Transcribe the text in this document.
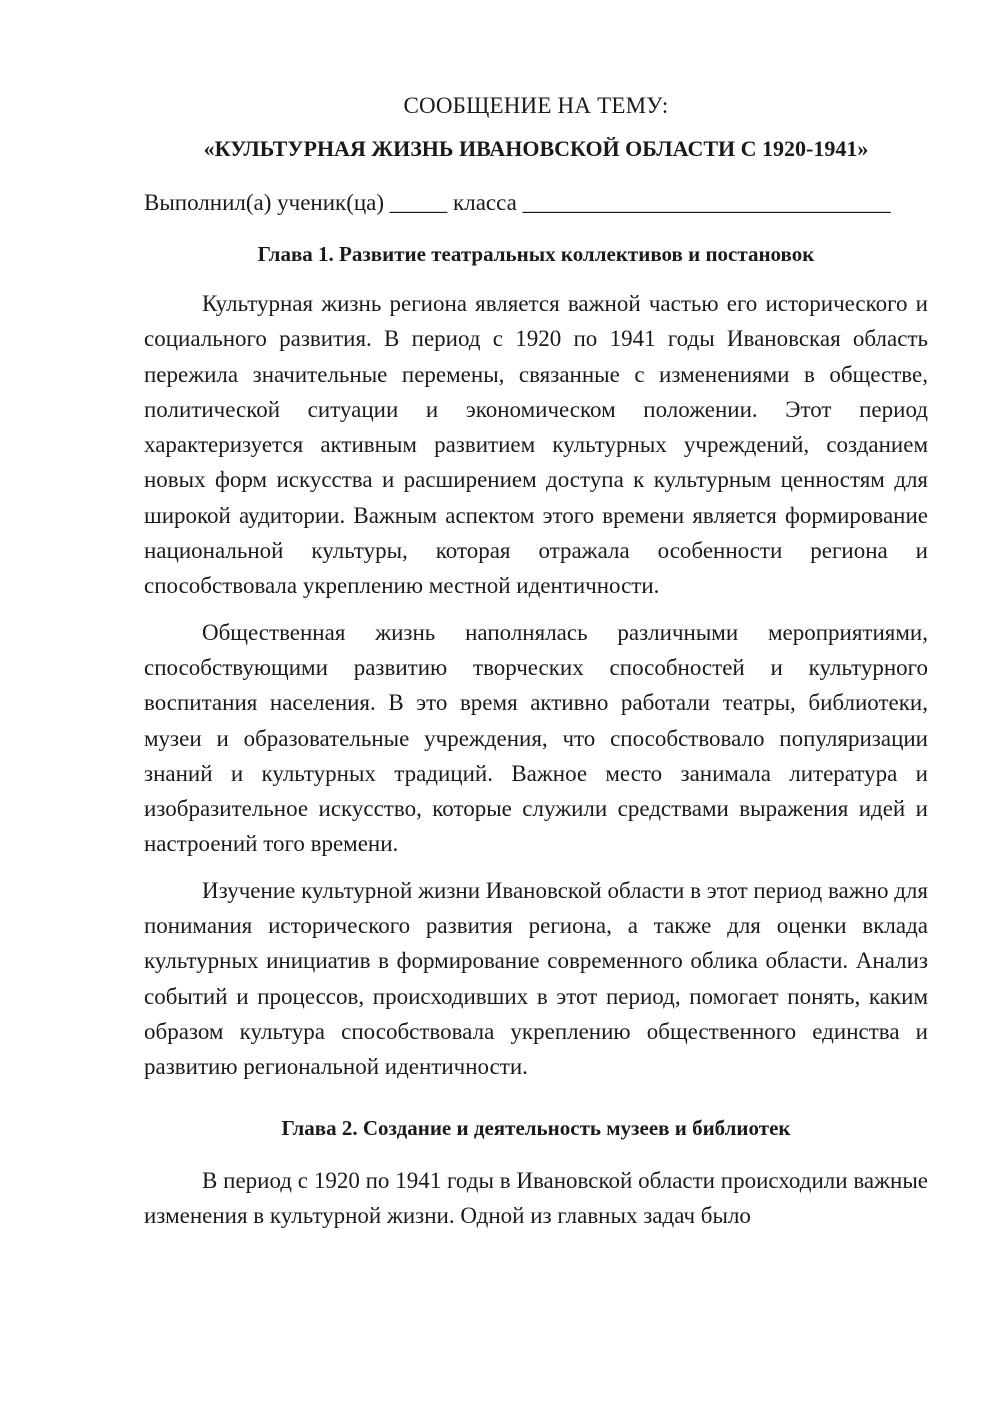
СООБЩЕНИЕ НА ТЕМУ:
«КУЛЬТУРНАЯ ЖИЗНЬ ИВАНОВСКОЙ ОБЛАСТИ С 1920-1941»

Выполнил(а) ученик(ца) _____ класса ________________________________

Глава 1. Развитие театральных коллективов и постановок

Культурная жизнь региона является важной частью его исторического и социального развития. В период с 1920 по 1941 годы Ивановская область пережила значительные перемены, связанные с изменениями в обществе, политической ситуации и экономическом положении. Этот период характеризуется активным развитием культурных учреждений, созданием новых форм искусства и расширением доступа к культурным ценностям для широкой аудитории. Важным аспектом этого времени является формирование национальной культуры, которая отражала особенности региона и способствовала укреплению местной идентичности.

Общественная жизнь наполнялась различными мероприятиями, способствующими развитию творческих способностей и культурного воспитания населения. В это время активно работали театры, библиотеки, музеи и образовательные учреждения, что способствовало популяризации знаний и культурных традиций. Важное место занимала литература и изобразительное искусство, которые служили средствами выражения идей и настроений того времени.

Изучение культурной жизни Ивановской области в этот период важно для понимания исторического развития региона, а также для оценки вклада культурных инициатив в формирование современного облика области. Анализ событий и процессов, происходивших в этот период, помогает понять, каким образом культура способствовала укреплению общественного единства и развитию региональной идентичности.

Глава 2. Создание и деятельность музеев и библиотек

В период с 1920 по 1941 годы в Ивановской области происходили важные изменения в культурной жизни. Одной из главных задач было
